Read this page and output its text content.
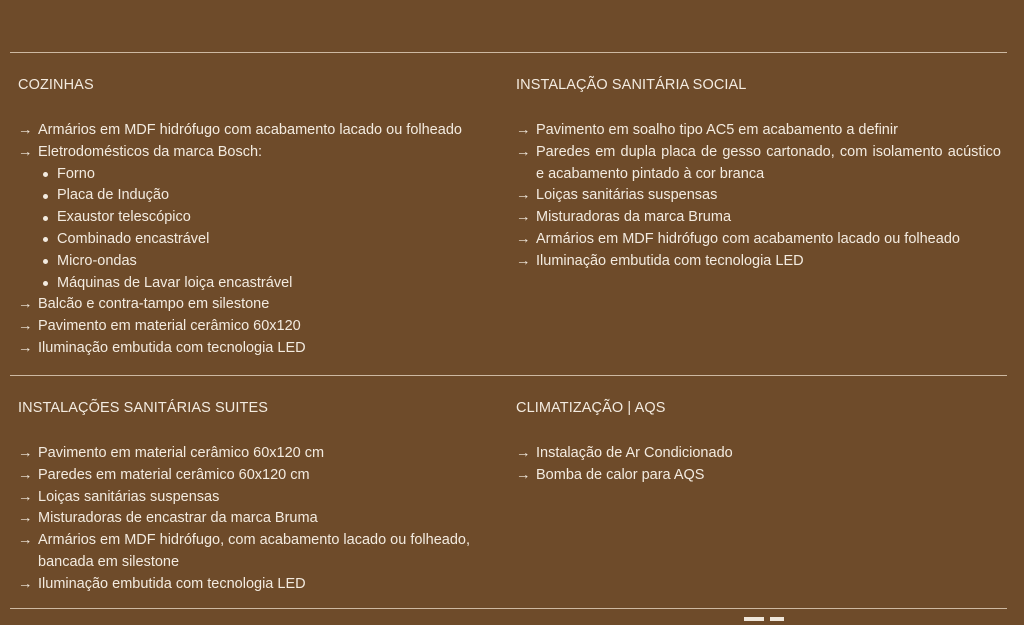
COZINHAS
→ Armários em MDF hidrófugo com acabamento lacado ou folheado
→ Eletrodomésticos da marca Bosch:
Forno
Placa de Indução
Exaustor telescópico
Combinado encastrável
Micro-ondas
Máquinas de Lavar loiça encastrável
→ Balcão e contra-tampo em silestone
→ Pavimento em material cerâmico 60x120
→ Iluminação embutida com tecnologia LED
INSTALAÇÃO SANITÁRIA SOCIAL
→ Pavimento em soalho tipo AC5 em acabamento a definir
→ Paredes em dupla placa de gesso cartonado, com isolamento acústico e acabamento pintado à cor branca
→ Loiças sanitárias suspensas
→ Misturadoras da marca Bruma
→ Armários em MDF hidrófugo com acabamento lacado ou folheado
→ Iluminação embutida com tecnologia LED
INSTALAÇÕES SANITÁRIAS SUITES
→ Pavimento em material cerâmico 60x120 cm
→ Paredes em material cerâmico 60x120 cm
→ Loiças sanitárias suspensas
→ Misturadoras de encastrar da marca Bruma
→ Armários em MDF hidrófugo, com acabamento lacado ou folheado, bancada em silestone
→ Iluminação embutida com tecnologia LED
CLIMATIZAÇÃO | AQS
→ Instalação de Ar Condicionado
→ Bomba de calor para AQS
